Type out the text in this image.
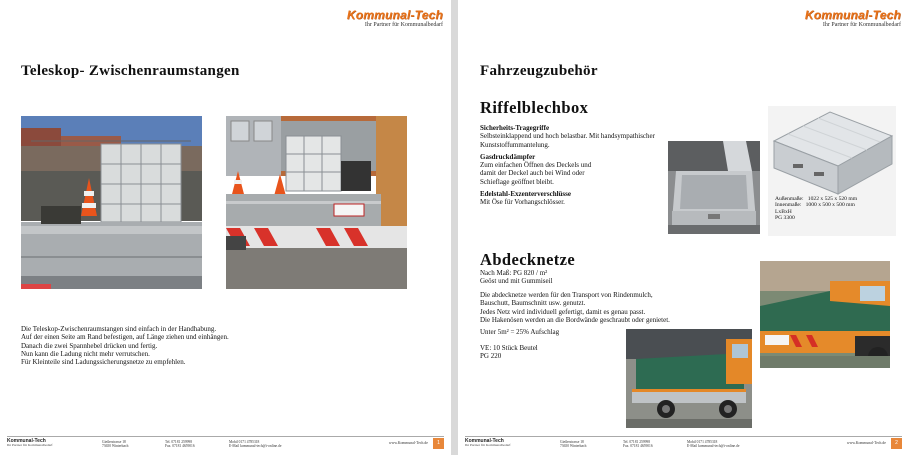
Kommunal-Tech
Ihr Partner für Kommunalbedarf
Teleskop- Zwischenraumstangen
Die Teleskop-Zwischenraumstangen sind einfach in der Handhabung.
Auf der einen Seite am Rand befestigen, auf Länge ziehen und einhängen.
Danach die zwei Spannhebel drücken und fertig.
Nun kann die Ladung nicht mehr verrutschen.
Für Kleinteile sind Ladungssicherungsnetze zu empfehlen.
Kommunal-Tech
Ihr Partner für Kommunalbedarf
Gießerstrasse 18
73650 Winterbach
Tel. 07181 259998
Fax. 07181 4659016
Mobil 0171 4785318
E-Mail kommunal-tech@t-online.de
www.Kommunal-Tech.de	1
Kommunal-Tech
Ihr Partner für Kommunalbedarf
Fahrzeugzubehör
Riffelblechbox
Sicherheits-Tragegriffe
Selbsteinklappend und hoch belastbar. Mit handsympathischer
Kunststoffummantelung.
Gasdruckdämpfer
Zum einfachen Öffnen des Deckels und
damit der Deckel auch bei Wind oder
Schieflage geöffnet bleibt.
Edelstahl-Exzenterverschlüsse
Mit Öse für Vorhangschlösser.	Außenmaße: 1022 x 525 x 520 mm
Innenmaße: 1000 x 500 x 500 mm
LxBxH
PG 3300
Abdecknetze
Nach Maß: PG 820 / m²
Geöst und mit Gummiseil
Die abdecknetze werden für den Transport von Rindenmulch,
Bauschutt, Baumschnitt usw. genutzt.
Jedes Netz wird individuell gefertigt, damit es genau passt.
Die Hakenösen werden an die Bordwände geschraubt oder genietet.
Unter 5m² = 25% Aufschlag
VE: 10 Stück Beutel
PG 220
Kommunal-Tech
Ihr Partner für Kommunalbedarf
Gießerstrasse 18
73650 Winterbach
Tel. 07181 259998
Fax. 07181 4659016
Mobil 0171 4785318
E-Mail kommunal-tech@t-online.de
www.Kommunal-Tech.de	2
